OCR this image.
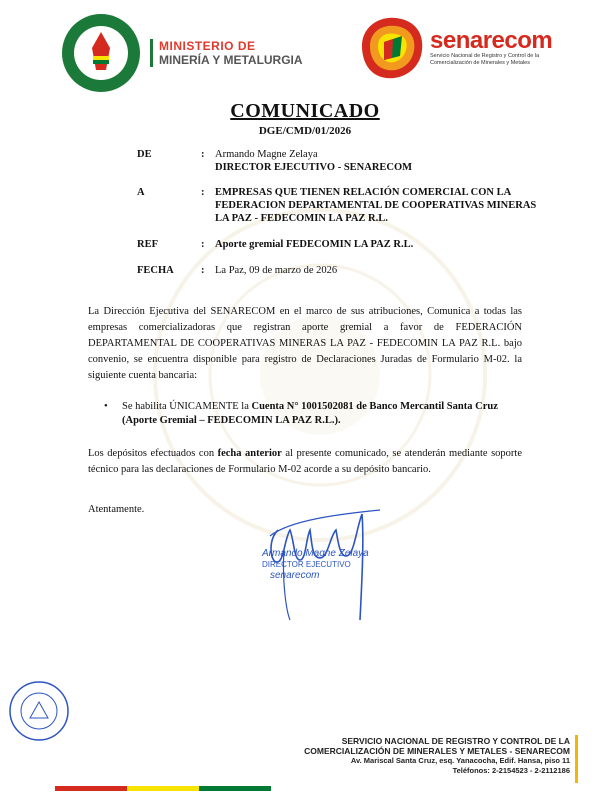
MINISTERIO DE
MINERÍA Y METALURGIA
senarecom
Servicio Nacional de Registro y Control de la Comercialización de Minerales y Metales
COMUNICADO
DGE/CMD/01/2026
DE	: Armando Magne Zelaya
DIRECTOR EJECUTIVO - SENARECOM
A	: EMPRESAS QUE TIENEN RELACIÓN COMERCIAL CON LA FEDERACION DEPARTAMENTAL DE COOPERATIVAS MINERAS LA PAZ - FEDECOMIN LA PAZ R.L.
REF	: Aporte gremial FEDECOMIN LA PAZ R.L.
FECHA	: La Paz, 09 de marzo de 2026
La Dirección Ejecutiva del SENARECOM en el marco de sus atribuciones, Comunica a todas las empresas comercializadoras que registran aporte gremial a favor de FEDERACIÓN DEPARTAMENTAL DE COOPERATIVAS MINERAS LA PAZ - FEDECOMIN LA PAZ R.L. bajo convenio, se encuentra disponible para registro de Declaraciones Juradas de Formulario M-02. la siguiente cuenta bancaria:
• Se habilita ÚNICAMENTE la Cuenta N° 1001502081 de Banco Mercantil Santa Cruz (Aporte Gremial – FEDECOMIN LA PAZ R.L.).
Los depósitos efectuados con fecha anterior al presente comunicado, se atenderán mediante soporte técnico para las declaraciones de Formulario M-02 acorde a su depósito bancario.
Atentamente.
Armando Magne Zelaya
DIRECTOR EJECUTIVO
senarecom
SERVICIO NACIONAL DE REGISTRO Y CONTROL DE LA
COMERCIALIZACIÓN DE MINERALES Y METALES - SENARECOM
Av. Mariscal Santa Cruz, esq. Yanacocha, Edif. Hansa, piso 11
Teléfonos: 2-2154523 - 2-2112186
